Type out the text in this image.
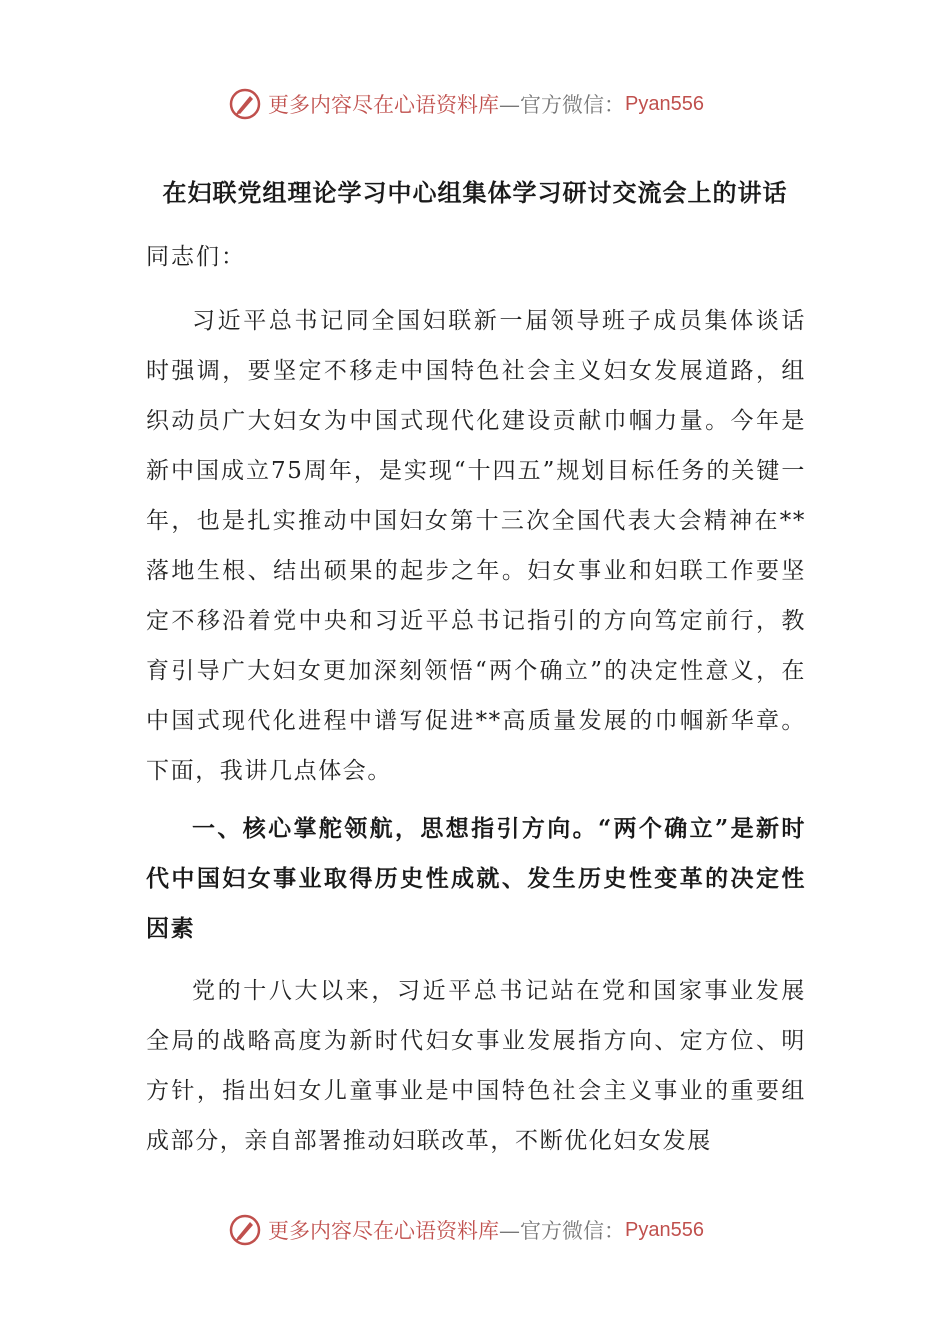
更多内容尽在心语资料库 —官方微信： Pyan556
在妇联党组理论学习中心组集体学习研讨交流会上的讲话
同志们：

习近平总书记同全国妇联新一届领导班子成员集体谈话时强调，要坚定不移走中国特色社会主义妇女发展道路，组织动员广大妇女为中国式现代化建设贡献巾帼力量。今年是新中国成立75周年，是实现“十四五”规划目标任务的关键一年，也是扎实推动中国妇女第十三次全国代表大会精神在**落地生根、结出硕果的起步之年。妇女事业和妇联工作要坚定不移沿着党中央和习近平总书记指引的方向笃定前行，教育引导广大妇女更加深刻领悟“两个确立”的决定性意义，在中国式现代化进程中谱写促进**高质量发展的巾帼新华章。下面，我讲几点体会。

一、核心掌舵领航，思想指引方向。“两个确立”是新时代中国妇女事业取得历史性成就、发生历史性变革的决定性因素

党的十八大以来，习近平总书记站在党和国家事业发展全局的战略高度为新时代妇女事业发展指方向、定方位、明方针，指出妇女儿童事业是中国特色社会主义事业的重要组成部分，亲自部署推动妇联改革，不断优化妇女发展

更多内容尽在心语资料库 —官方微信： Pyan556
